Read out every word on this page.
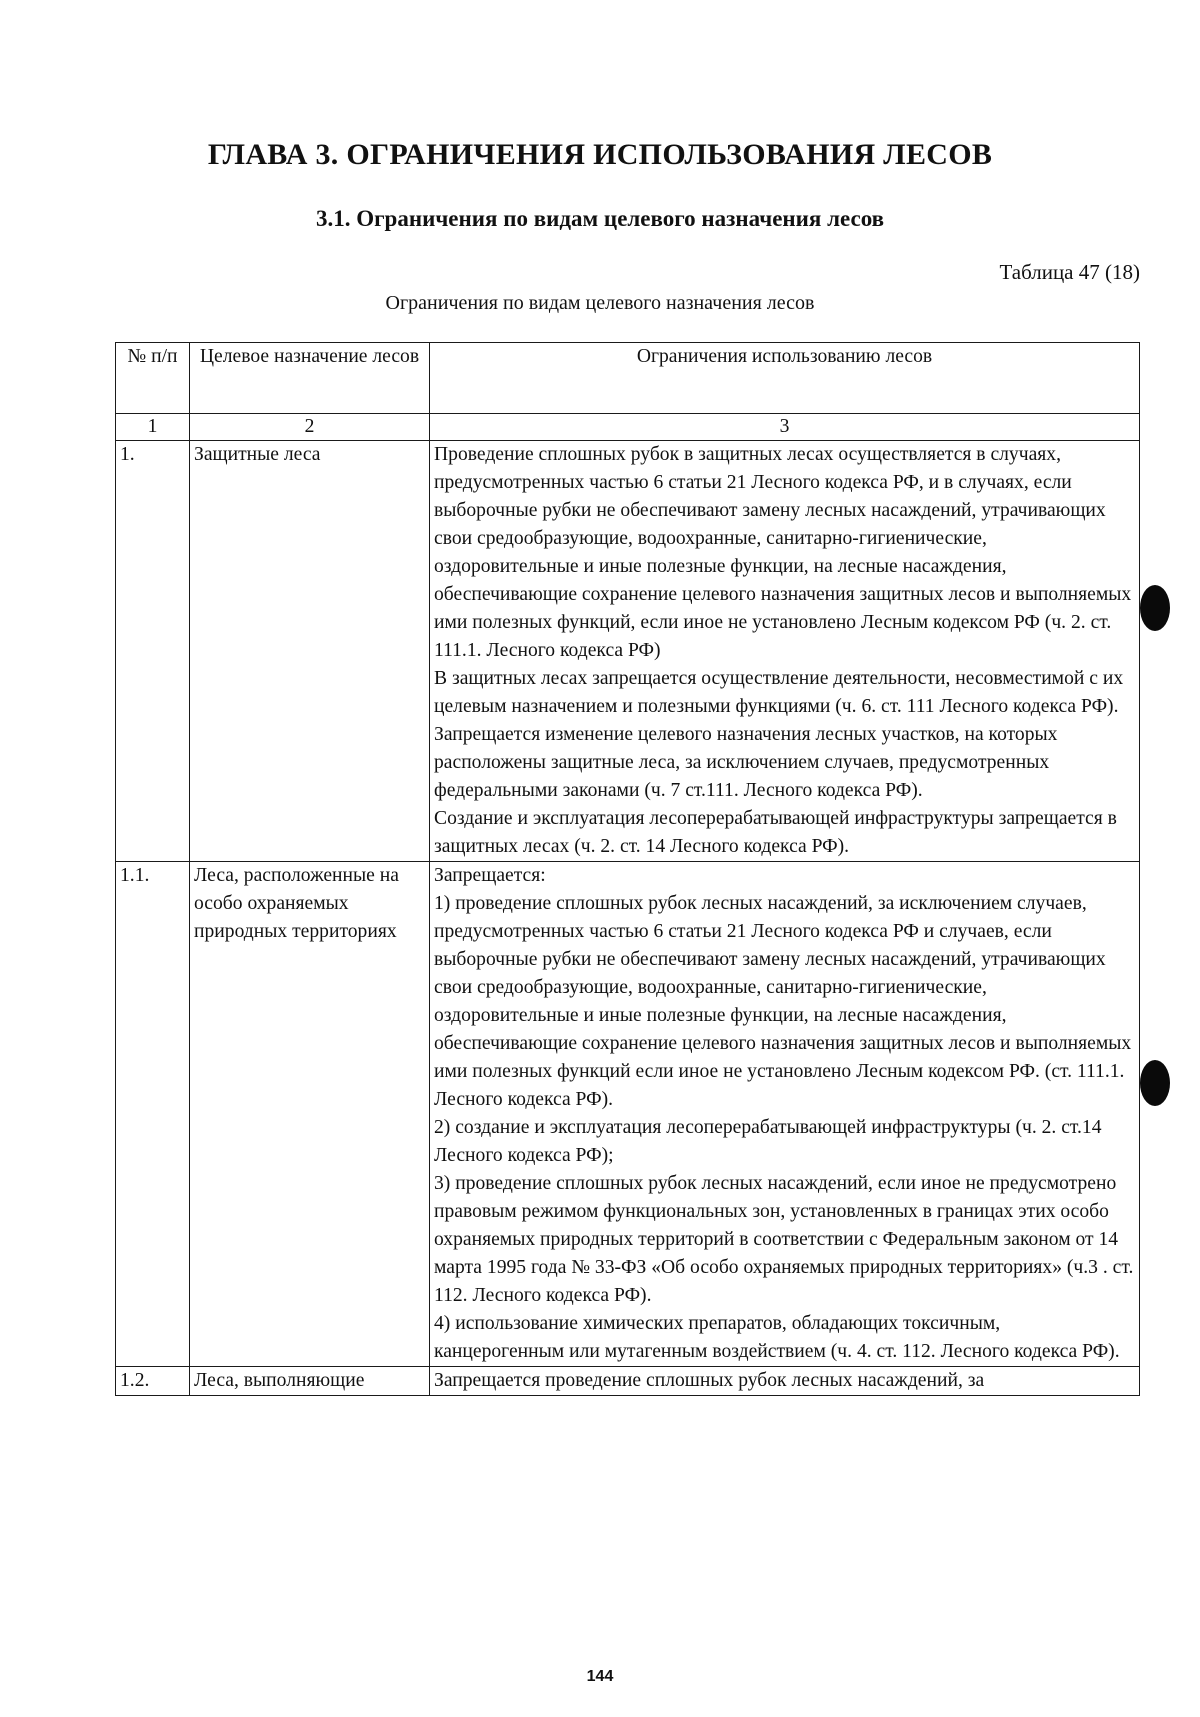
ГЛАВА 3. ОГРАНИЧЕНИЯ ИСПОЛЬЗОВАНИЯ ЛЕСОВ
3.1. Ограничения по видам целевого назначения лесов
Таблица 47 (18)
Ограничения по видам целевого назначения лесов
№ п/п	Целевое назначение лесов	Ограничения использованию лесов
1	2	3
1.	Защитные леса	Проведение сплошных рубок в защитных лесах осуществляется в случаях, предусмотренных частью 6 статьи 21 Лесного кодекса РФ, и в случаях, если выборочные рубки не обеспечивают замену лесных насаждений, утрачивающих свои средообразующие, водоохранные, санитарно-гигиенические, оздоровительные и иные полезные функции, на лесные насаждения, обеспечивающие сохранение целевого назначения защитных лесов и выполняемых ими полезных функций, если иное не установлено Лесным кодексом РФ (ч. 2. ст. 111.1. Лесного кодекса РФ)

В защитных лесах запрещается осуществление деятельности, несовместимой с их целевым назначением и полезными функциями (ч. 6. ст. 111 Лесного кодекса РФ).

Запрещается изменение целевого назначения лесных участков, на которых расположены защитные леса, за исключением случаев, предусмотренных федеральными законами (ч. 7 ст.111. Лесного кодекса РФ).

Создание и эксплуатация лесоперерабатывающей инфраструктуры запрещается в защитных лесах (ч. 2. ст. 14 Лесного кодекса РФ).

1.1.	Леса, расположенные на особо охраняемых природных территориях	Запрещается:

1) проведение сплошных рубок лесных насаждений, за исключением случаев, предусмотренных частью 6 статьи 21 Лесного кодекса РФ и случаев, если выборочные рубки не обеспечивают замену лесных насаждений, утрачивающих свои средообразующие, водоохранные, санитарно-гигиенические, оздоровительные и иные полезные функции, на лесные насаждения, обеспечивающие сохранение целевого назначения защитных лесов и выполняемых ими полезных функций если иное не установлено Лесным кодексом РФ. (ст. 111.1. Лесного кодекса РФ).

2) создание и эксплуатация лесоперерабатывающей инфраструктуры (ч. 2. ст.14 Лесного кодекса РФ);

3) проведение сплошных рубок лесных насаждений, если иное не предусмотрено правовым режимом функциональных зон, установленных в границах этих особо охраняемых природных территорий в соответствии с Федеральным законом от 14 марта 1995 года № 33-ФЗ «Об особо охраняемых природных территориях» (ч.3 . ст. 112. Лесного кодекса РФ).

4) использование химических препаратов, обладающих токсичным, канцерогенным или мутагенным воздействием (ч. 4. ст. 112. Лесного кодекса РФ).

1.2.	Леса, выполняющие	Запрещается проведение сплошных рубок лесных насаждений, за

144
